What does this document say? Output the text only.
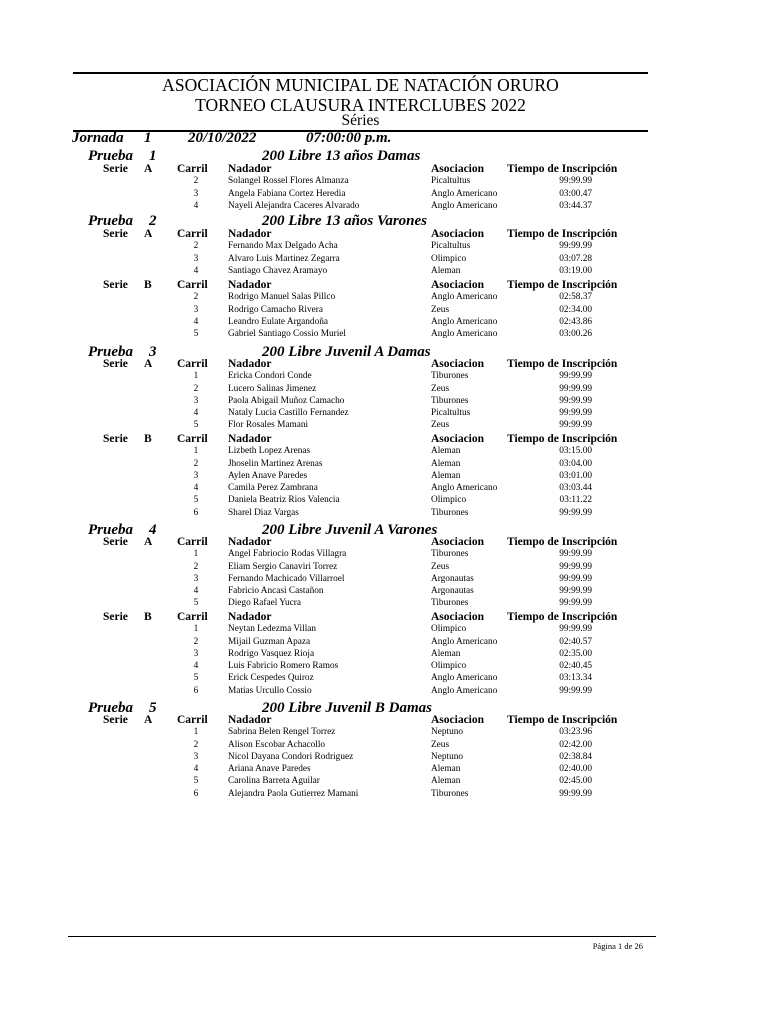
ASOCIACIÓN MUNICIPAL DE NATACIÓN ORURO
TORNEO CLAUSURA INTERCLUBES 2022
Séries
Jornada 1 20/10/2022	07:00:00 p.m.
Prueba 1	200 Libre 13 años Damas
Serie A Carril Nadador	Asociacion Tiempo de Inscripción
2	Solangel Rossel Flores Almanza	Picaltultus	99:99.99
3	Angela Fabiana Cortez Heredia	Anglo Americano	03:00.47
4	Nayeli Alejandra Caceres Alvarado	Anglo Americano	03:44.37
Prueba 2	200 Libre 13 años Varones
Serie A Carril Nadador	Asociacion Tiempo de Inscripción
2	Fernando Max Delgado Acha	Picaltultus	99:99.99
3	Alvaro Luis Martinez Zegarra	Olimpico	03:07.28
4	Santiago Chavez Aramayo	Aleman	03:19.00
Serie B Carril Nadador	Asociacion Tiempo de Inscripción
2	Rodrigo Manuel Salas Pillco	Anglo Americano	02:58.37
3	Rodrigo Camacho Rivera	Zeus	02:34.00
4	Leandro Eulate Argandoña	Anglo Americano	02:43.86
5	Gabriel Santiago Cossio Muriel	Anglo Americano	03:00.26
Prueba 3	200 Libre Juvenil A Damas
Serie A Carril Nadador	Asociacion Tiempo de Inscripción
1	Ericka Condori Conde	Tiburones	99:99.99
2	Lucero Salinas Jimenez	Zeus	99:99.99
3	Paola Abigail Muñoz Camacho	Tiburones	99:99.99
4	Nataly Lucia Castillo Fernandez	Picaltultus	99:99.99
5	Flor Rosales Mamani	Zeus	99:99.99
Serie B Carril Nadador	Asociacion Tiempo de Inscripción
1	Lizbeth Lopez Arenas	Aleman	03:15.00
2	Jhoselin Martinez Arenas	Aleman	03:04.00
3	Aylen Anave Paredes	Aleman	03:01.00
4	Camila Perez Zambrana	Anglo Americano	03:03.44
5	Daniela Beatriz Rios Valencia	Olimpico	03:11.22
6	Sharel Diaz Vargas	Tiburones	99:99.99
Prueba 4	200 Libre Juvenil A Varones
Serie A Carril Nadador	Asociacion Tiempo de Inscripción
1	Angel Fabriocio Rodas Villagra	Tiburones	99:99.99
2	Eliam Sergio Canaviri Torrez	Zeus	99:99.99
3	Fernando Machicado Villarroel	Argonautas	99:99.99
4	Fabricio Ancasi Castañon	Argonautas	99:99.99
5	Diego Rafael Yucra	Tiburones	99:99.99
Serie B Carril Nadador	Asociacion Tiempo de Inscripción
1	Neytan Ledezma Villan	Olimpico	99:99.99
2	Mijail Guzman Apaza	Anglo Americano	02:40.57
3	Rodrigo Vasquez Rioja	Aleman	02:35.00
4	Luis Fabricio Romero Ramos	Olimpico	02:40.45
5	Erick Cespedes Quiroz	Anglo Americano	03:13.34
6	Matias Urcullo Cossio	Anglo Americano	99:99.99
Prueba 5	200 Libre Juvenil B Damas
Serie A Carril Nadador	Asociacion Tiempo de Inscripción
1	Sabrina Belen Rengel Torrez	Neptuno	03:23.96
2	Alison Escobar Achacollo	Zeus	02:42.00
3	Nicol Dayana Condori Rodriguez	Neptuno	02:38.84
4	Ariana Anave Paredes	Aleman	02:40.00
5	Carolina Barreta Aguilar	Aleman	02:45.00
6	Alejandra Paola Gutierrez Mamani	Tiburones	99:99.99
Página 1 de 26
